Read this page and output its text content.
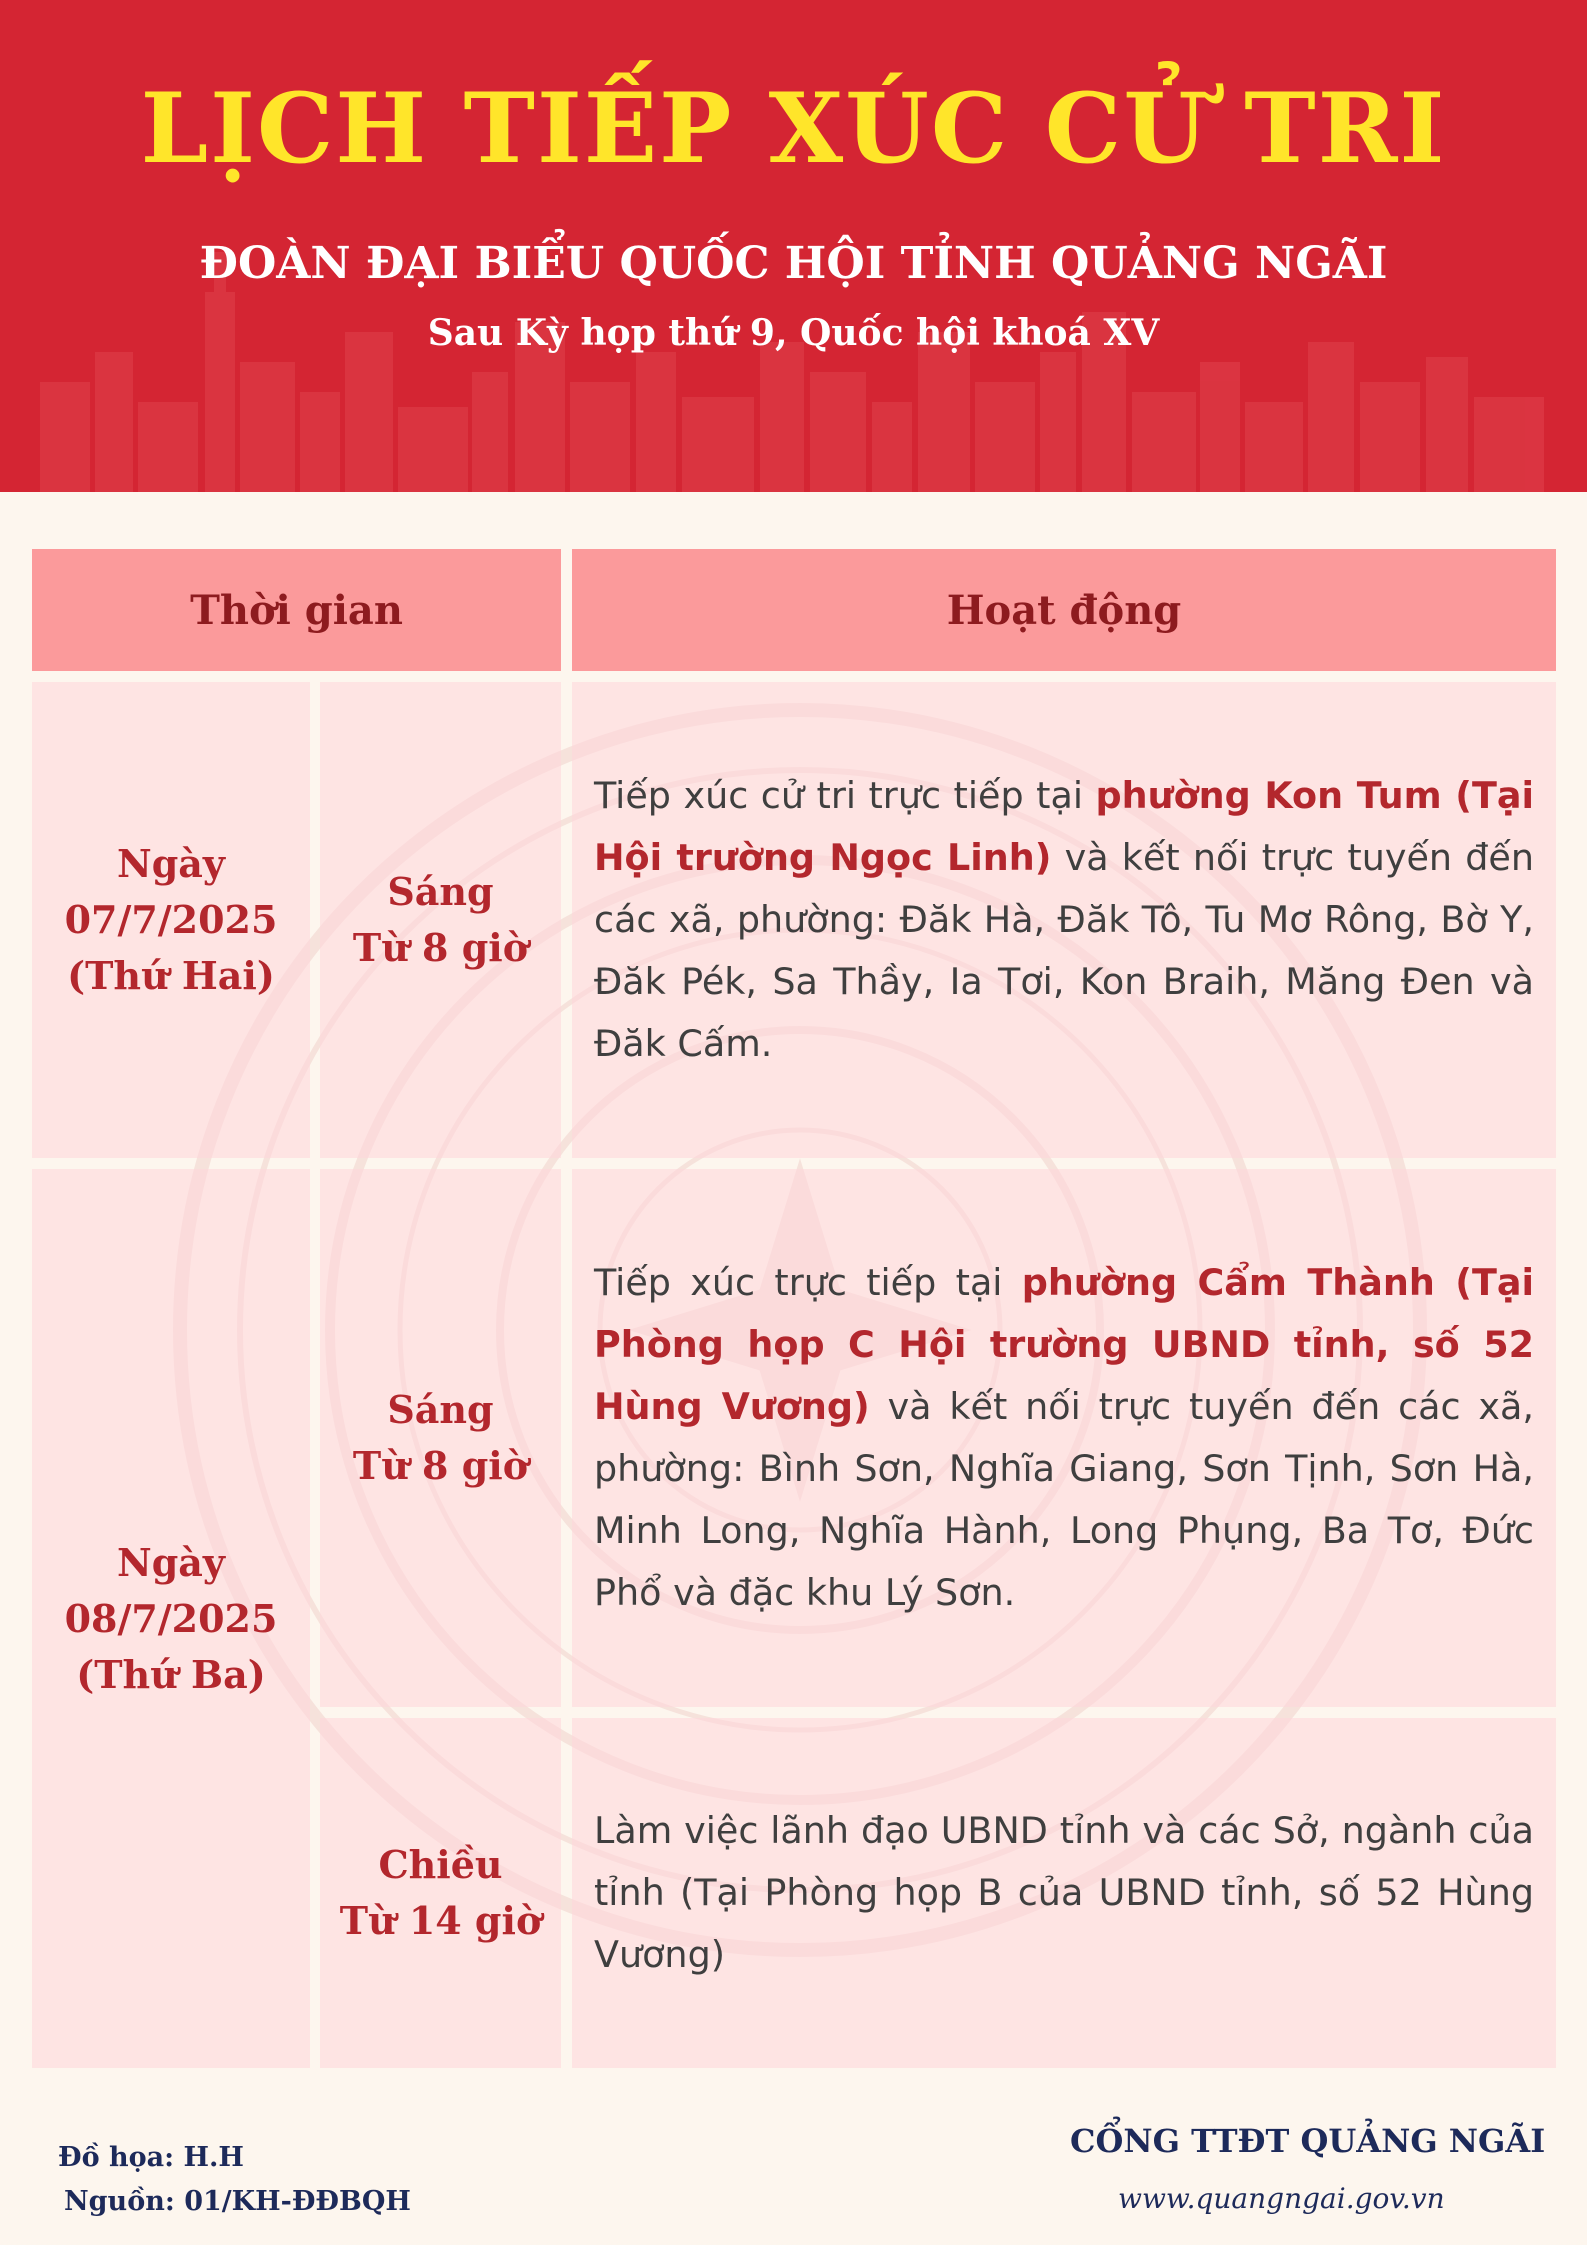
LỊCH TIẾP XÚC CỬ TRI
ĐOÀN ĐẠI BIỂU QUỐC HỘI TỈNH QUẢNG NGÃI
Sau Kỳ họp thứ 9, Quốc hội khoá XV
Thời gian	Hoạt động
Ngày
07/7/2025
(Thứ Hai)
Sáng
Từ 8 giờ

Tiếp xúc cử tri trực tiếp tại phường Kon Tum (Tại Hội trường Ngọc Linh) và kết nối trực tuyến đến các xã, phường: Đăk Hà, Đăk Tô, Tu Mơ Rông, Bờ Y, Đăk Pék, Sa Thầy, Ia Tơi, Kon Braih, Măng Đen và Đăk Cấm.

Ngày
08/7/2025
(Thứ Ba)
Sáng
Từ 8 giờ

Tiếp xúc trực tiếp tại phường Cẩm Thành (Tại Phòng họp C Hội trường UBND tỉnh, số 52 Hùng Vương) và kết nối trực tuyến đến các xã, phường: Bình Sơn, Nghĩa Giang, Sơn Tịnh, Sơn Hà, Minh Long, Nghĩa Hành, Long Phụng, Ba Tơ, Đức Phổ và đặc khu Lý Sơn.

Chiều
Từ 14 giờ

Làm việc lãnh đạo UBND tỉnh và các Sở, ngành của tỉnh (Tại Phòng họp B của UBND tỉnh, số 52 Hùng Vương)

Đồ họa: H.H
Nguồn: 01/KH-ĐĐBQH
CỔNG TTĐT QUẢNG NGÃI
www.quangngai.gov.vn
